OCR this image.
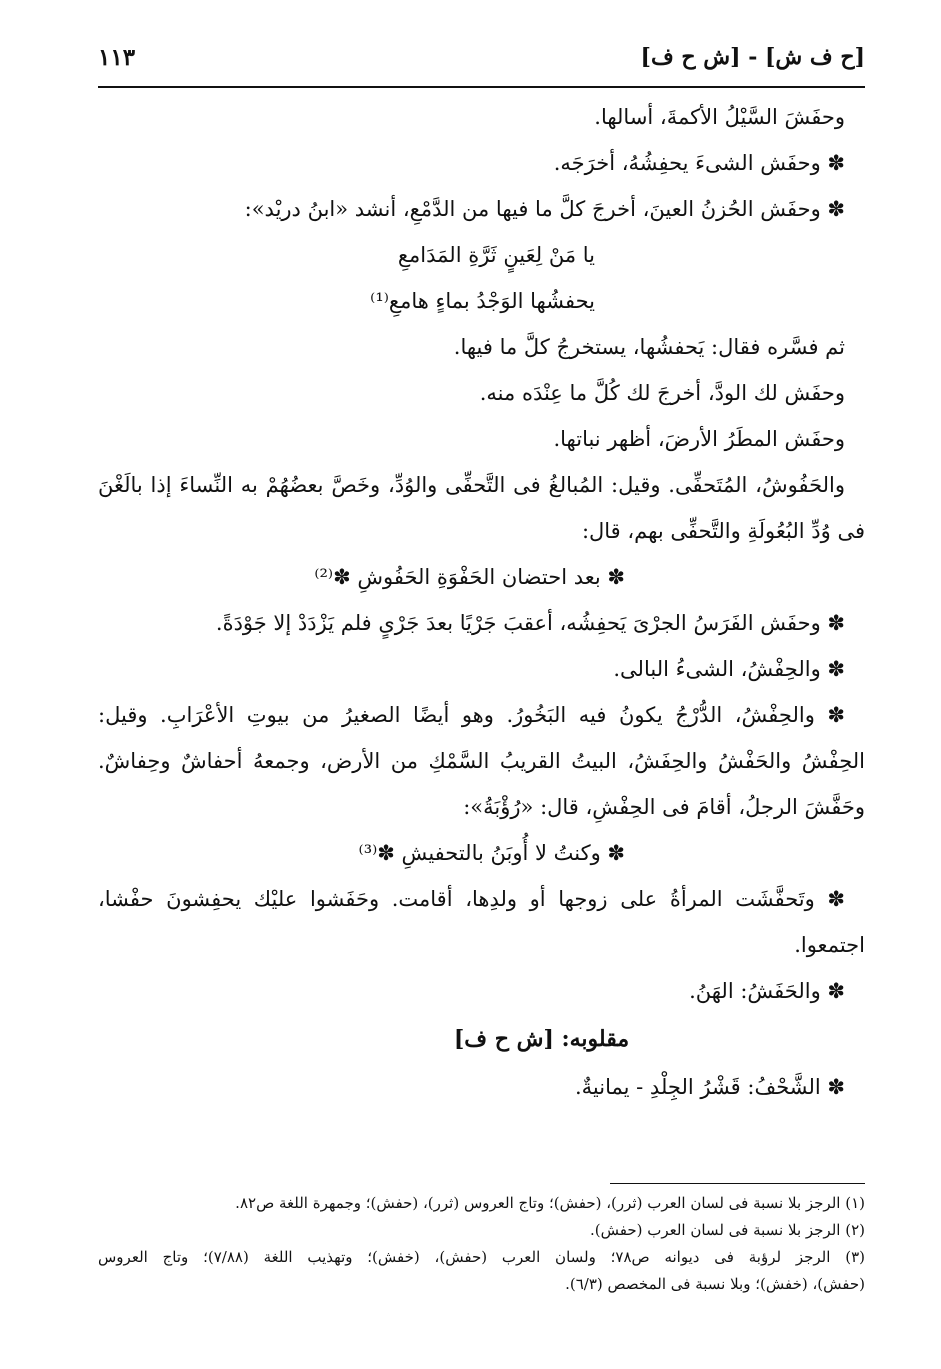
[ح ف ش] - [ش ح ف]
١١٣
وحفَشَ السَّيْلُ الأكمةَ، أسالها.
✽ وحفَش الشىءَ يحفِشُهُ، أخرَجَه.
✽ وحفَش الحُزنُ العينَ، أخرجَ كلَّ ما فيها من الدَّمْعِ، أنشد «ابنُ دريْد»:
يا مَنْ لِعَينٍ ثَرَّةِ المَدَامعِ
يحفشُها الوَجْدُ بماءٍ هامعِ⁽¹⁾
ثم فسَّره فقال: يَحفشُها، يستخرجُ كلَّ ما فيها.
وحفَش لك الودَّ، أخرجَ لك كُلَّ ما عِنْدَه منه.
وحفَش المطَرُ الأرضَ، أظهر نباتها.
والحَفُوشُ، المُتَحفِّى. وقيل: المُبالغُ فى التَّحفِّى والوُدِّ، وخَصَّ بعضُهُمْ به النِّساءَ إذا بالَغْنَ
فى وُدِّ البُعُولَةِ والتَّحفِّى بهم، قال:
✽ بعد احتضان الحَفْوَةِ الحَفُوشِ ✽⁽²⁾
✽ وحفَش الفَرَسُ الجرْىَ يَحفِشُه، أعقبَ جَرْيًا بعدَ جَرْىٍ فلم يَزْدَدْ إلا جَوْدَةً.
✽ والحِفْشُ، الشىءُ البالى.
✽ والحِفْشُ، الدُّرْجُ يكونُ فيه البَخُورُ. وهو أيضًا الصغيرُ من بيوتِ الأعْرَابِ. وقيل:
الحِفْشُ والحَفْشُ والحِفَشُ، البيتُ القريبُ السَّمْكِ من الأرض، وجمعهُ أحفاشٌ وحِفاشٌ.
وحَفَّشَ الرجلُ، أقامَ فى الحِفْشِ، قال: «رُؤْبَةُ»:
✽ وكنتُ لا أُوبَنُ بالتحفيشِ ✽⁽³⁾
✽ وتَحفَّشَت المرأةُ على زوجها أو ولدِها، أقامت. وحَفَشوا عليْك يحفِشونَ حفْشا،
اجتمعوا.
✽ والحَفَشُ: الهَنُ.
مقلوبه: [ش ح ف]
✽ الشَّحْفُ: قَشْرُ الجِلْدِ - يمانيةٌ.
(١) الرجز بلا نسبة فى لسان العرب (ثرر)، (حفش)؛ وتاج العروس (ثرر)، (حفش)؛ وجمهرة اللغة ص٨٢.
(٢) الرجز بلا نسبة فى لسان العرب (حفش).
(٣) الرجز لرؤبة فى ديوانه ص٧٨؛ ولسان العرب (حفش)، (خفش)؛ وتهذيب اللغة (٧/٨٨)؛ وتاج العروس
(حفش)، (خفش)؛ وبلا نسبة فى المخصص (٦/٣).
